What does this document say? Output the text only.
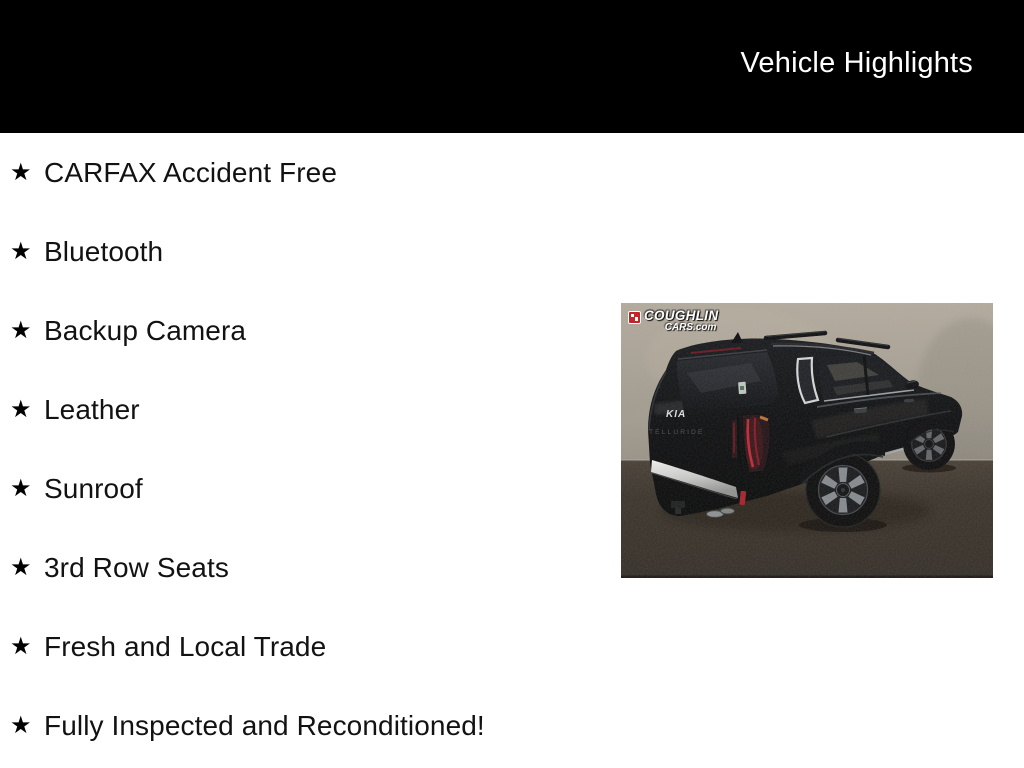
Vehicle Highlights
★ CARFAX Accident Free
★ Bluetooth
★ Backup Camera
★ Leather
★ Sunroof
★ 3rd Row Seats
★ Fresh and Local Trade
★ Fully Inspected and Reconditioned!
COUGHLIN
CARS.com
